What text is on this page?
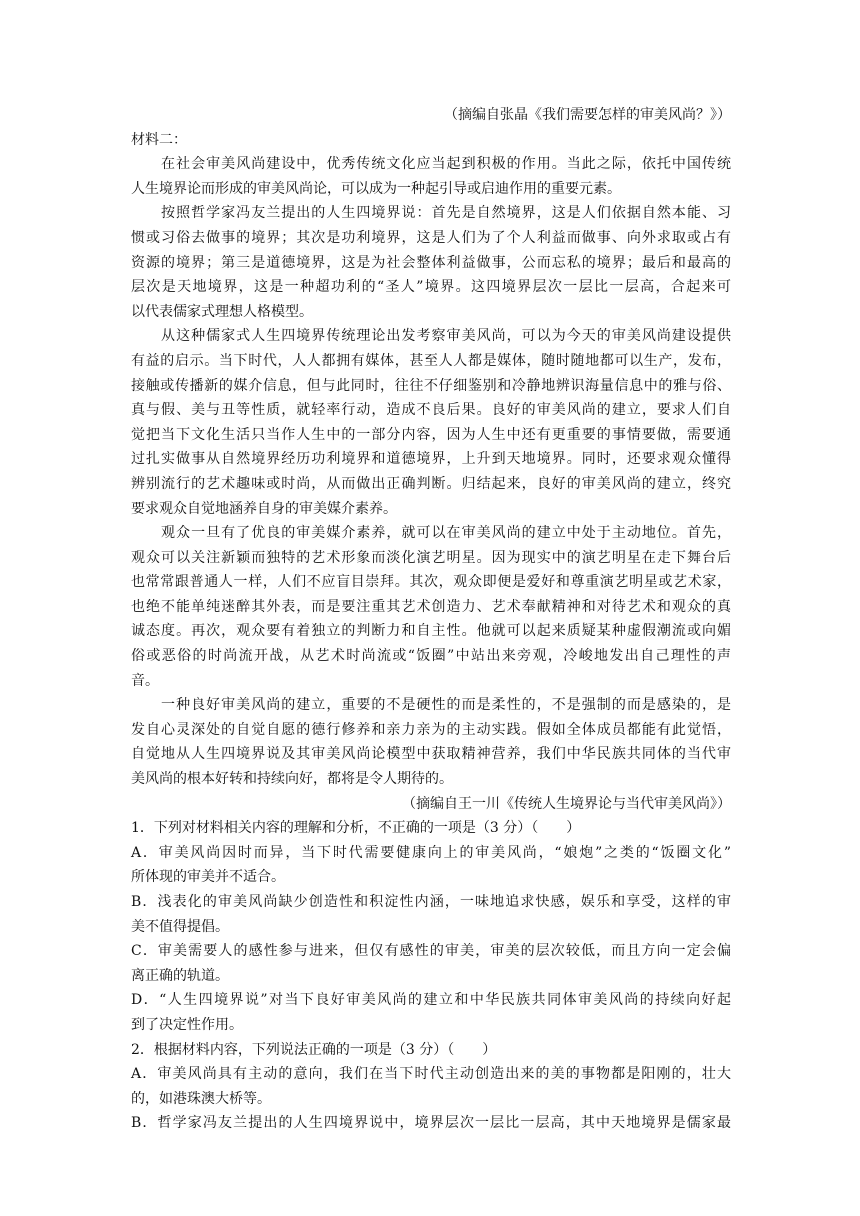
（摘编自张晶《我们需要怎样的审美风尚？》）
材料二：
　　在社会审美风尚建设中，优秀传统文化应当起到积极的作用。当此之际，依托中国传统
人生境界论而形成的审美风尚论，可以成为一种起引导或启迪作用的重要元素。
　　按照哲学家冯友兰提出的人生四境界说：首先是自然境界，这是人们依据自然本能、习
惯或习俗去做事的境界；其次是功利境界，这是人们为了个人利益而做事、向外求取或占有
资源的境界；第三是道德境界，这是为社会整体利益做事，公而忘私的境界；最后和最高的
层次是天地境界，这是一种超功利的“圣人”境界。这四境界层次一层比一层高，合起来可
以代表儒家式理想人格模型。
　　从这种儒家式人生四境界传统理论出发考察审美风尚，可以为今天的审美风尚建设提供
有益的启示。当下时代，人人都拥有媒体，甚至人人都是媒体，随时随地都可以生产，发布，
接触或传播新的媒介信息，但与此同时，往往不仔细鉴别和冷静地辨识海量信息中的雅与俗、
真与假、美与丑等性质，就轻率行动，造成不良后果。良好的审美风尚的建立，要求人们自
觉把当下文化生活只当作人生中的一部分内容，因为人生中还有更重要的事情要做，需要通
过扎实做事从自然境界经历功利境界和道德境界，上升到天地境界。同时，还要求观众懂得
辨别流行的艺术趣味或时尚，从而做出正确判断。归结起来，良好的审美风尚的建立，终究
要求观众自觉地涵养自身的审美媒介素养。
　　观众一旦有了优良的审美媒介素养，就可以在审美风尚的建立中处于主动地位。首先，
观众可以关注新颖而独特的艺术形象而淡化演艺明星。因为现实中的演艺明星在走下舞台后
也常常跟普通人一样，人们不应盲目崇拜。其次，观众即便是爱好和尊重演艺明星或艺术家，
也绝不能单纯迷醉其外表，而是要注重其艺术创造力、艺术奉献精神和对待艺术和观众的真
诚态度。再次，观众要有着独立的判断力和自主性。他就可以起来质疑某种虚假潮流或向媚
俗或恶俗的时尚流开战，从艺术时尚流或“饭圈”中站出来旁观，冷峻地发出自己理性的声
音。
　　一种良好审美风尚的建立，重要的不是硬性的而是柔性的，不是强制的而是感染的，是
发自心灵深处的自觉自愿的德行修养和亲力亲为的主动实践。假如全体成员都能有此觉悟，
自觉地从人生四境界说及其审美风尚论模型中获取精神营养，我们中华民族共同体的当代审
美风尚的根本好转和持续向好，都将是令人期待的。
（摘编自王一川《传统人生境界论与当代审美风尚》）
1．下列对材料相关内容的理解和分析，不正确的一项是（3 分）（　　）
A．审美风尚因时而异，当下时代需要健康向上的审美风尚，“娘炮”之类的“饭圈文化”
所体现的审美并不适合。
B．浅表化的审美风尚缺少创造性和积淀性内涵，一味地追求快感，娱乐和享受，这样的审
美不值得提倡。
C．审美需要人的感性参与进来，但仅有感性的审美，审美的层次较低，而且方向一定会偏
离正确的轨道。
D．“人生四境界说”对当下良好审美风尚的建立和中华民族共同体审美风尚的持续向好起
到了决定性作用。
2．根据材料内容，下列说法正确的一项是（3 分）（　　）
A．审美风尚具有主动的意向，我们在当下时代主动创造出来的美的事物都是阳刚的，壮大
的，如港珠澳大桥等。
B．哲学家冯友兰提出的人生四境界说中，境界层次一层比一层高，其中天地境界是儒家最
